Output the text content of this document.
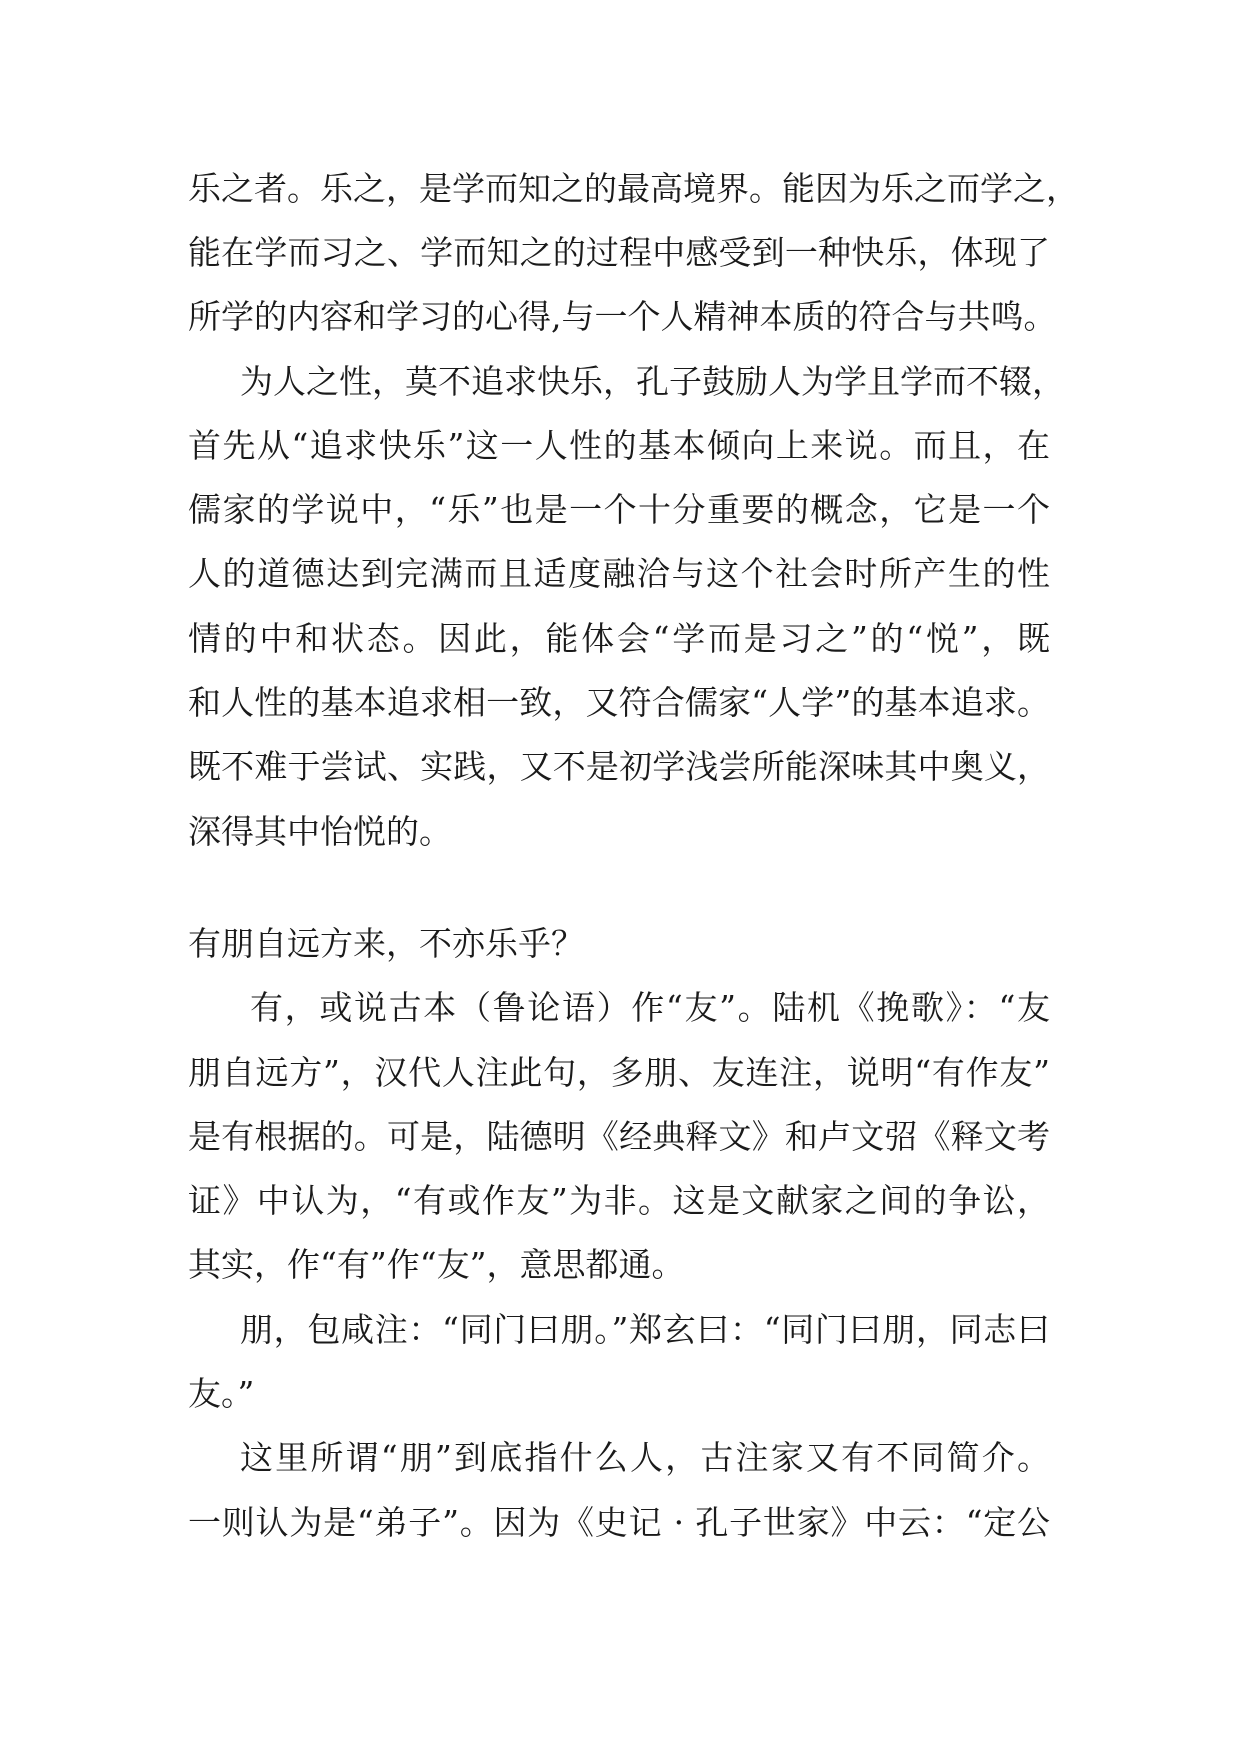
乐之者。乐之，是学而知之的最高境界。能因为乐之而学之，
能在学而习之、学而知之的过程中感受到一种快乐，体现了
所学的内容和学习的心得,与一个人精神本质的符合与共鸣。
为人之性，莫不追求快乐，孔子鼓励人为学且学而不辍，
首先从“追求快乐”这一人性的基本倾向上来说。而且，在
儒家的学说中，“乐”也是一个十分重要的概念，它是一个
人的道德达到完满而且适度融洽与这个社会时所产生的性
情的中和状态。因此，能体会“学而是习之”的“悦”，既
和人性的基本追求相一致，又符合儒家“人学”的基本追求。
既不难于尝试、实践，又不是初学浅尝所能深味其中奥义，
深得其中怡悦的。
有朋自远方来，不亦乐乎？
有，或说古本（鲁论语）作“友”。陆机《挽歌》：“友
朋自远方”，汉代人注此句，多朋、友连注，说明“有作友”
是有根据的。可是，陆德明《经典释文》和卢文弨《释文考
证》中认为，“有或作友”为非。这是文献家之间的争讼，
其实，作“有”作“友”，意思都通。
朋，包咸注：“同门曰朋。”郑玄曰：“同门曰朋，同志曰
友。”
这里所谓“朋”到底指什么人，古注家又有不同简介。
一则认为是“弟子”。因为《史记 · 孔子世家》中云：“定公
